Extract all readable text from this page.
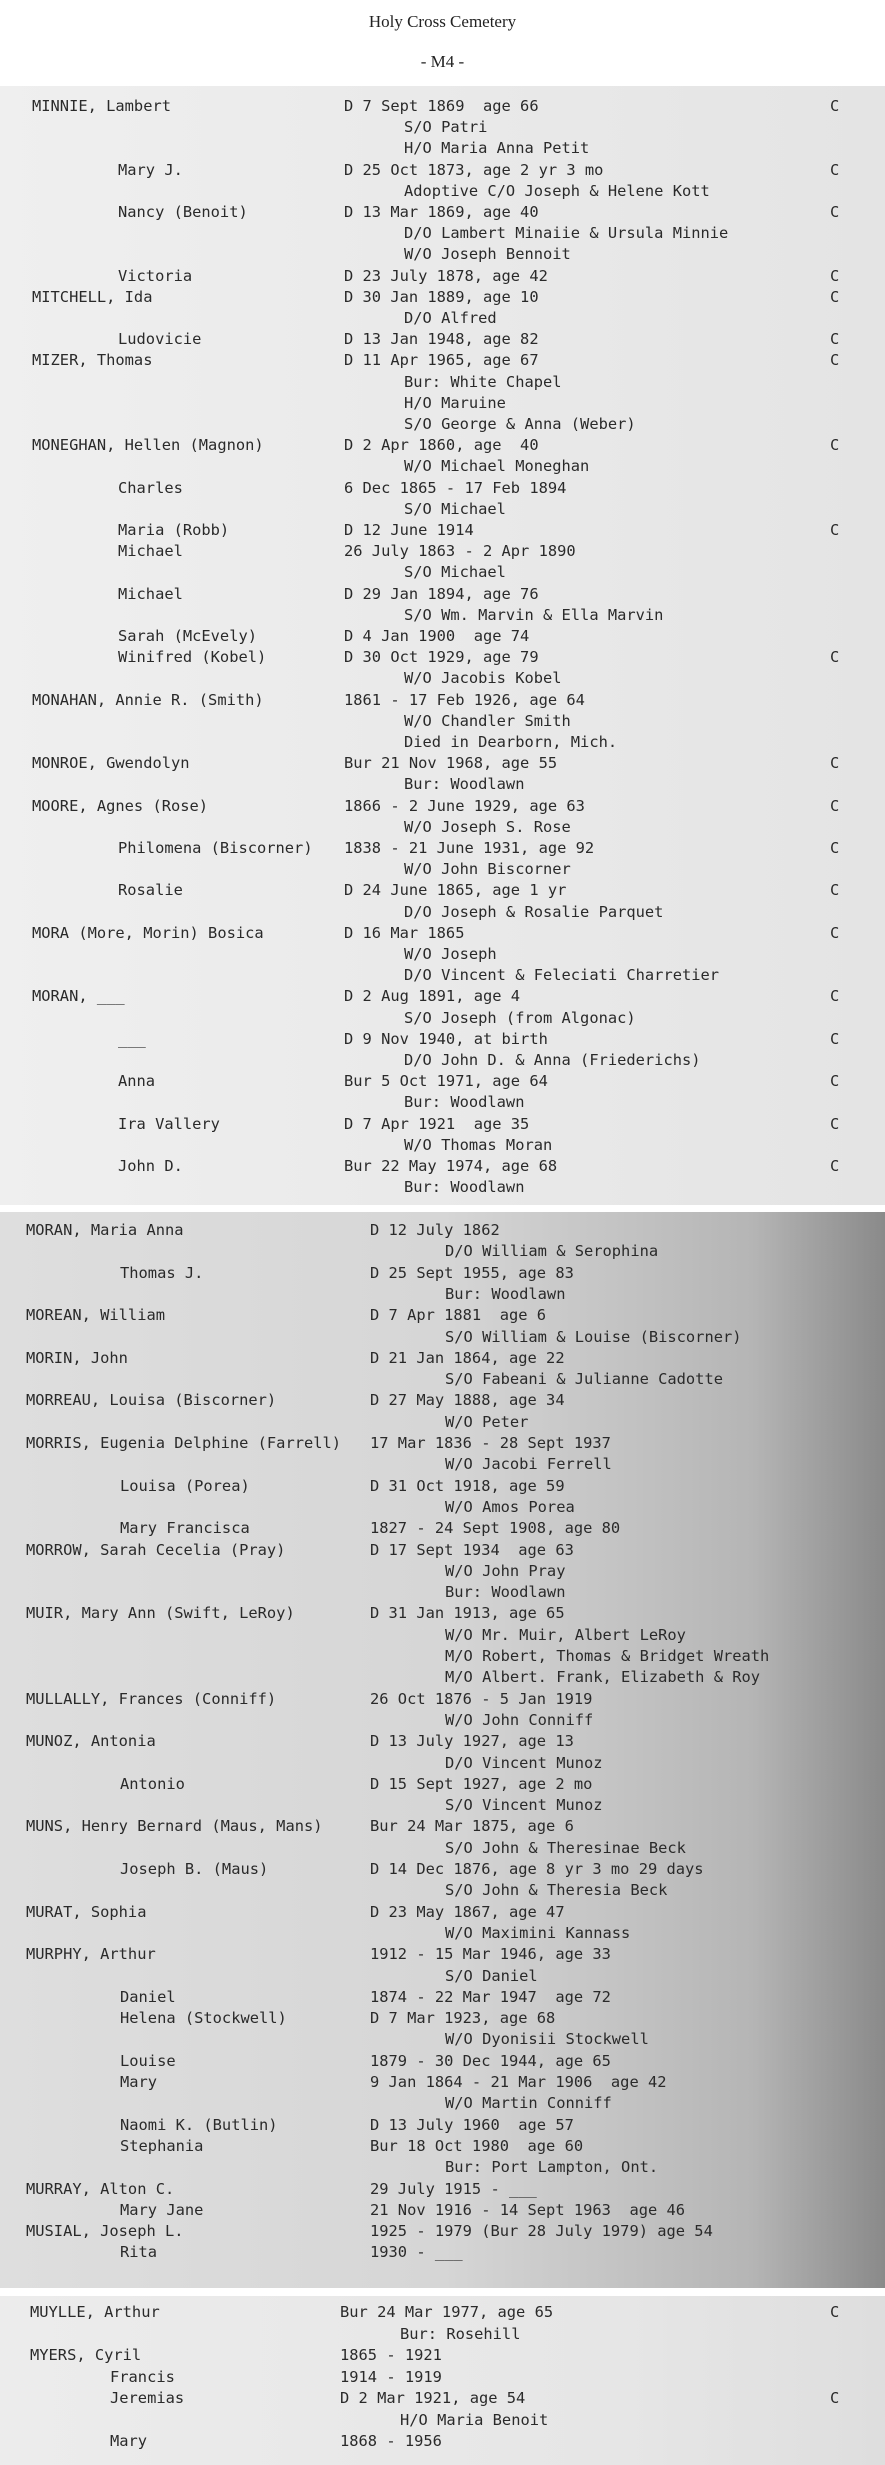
Holy Cross Cemetery
- M4 -
MINNIE, Lambert	D 7 Sept 1869  age 66	C
S/O Patri
H/O Maria Anna Petit
Mary J.	D 25 Oct 1873, age 2 yr 3 mo	C
Adoptive C/O Joseph & Helene Kott
Nancy (Benoit)	D 13 Mar 1869, age 40	C
D/O Lambert Minaiie & Ursula Minnie
W/O Joseph Bennoit
Victoria	D 23 July 1878, age 42	C
MITCHELL, Ida	D 30 Jan 1889, age 10	C
D/O Alfred
Ludovicie	D 13 Jan 1948, age 82	C
MIZER, Thomas	D 11 Apr 1965, age 67	C
Bur: White Chapel
H/O Maruine
S/O George & Anna (Weber)
MONEGHAN, Hellen (Magnon)	D 2 Apr 1860, age  40	C
W/O Michael Moneghan
Charles	6 Dec 1865 - 17 Feb 1894
S/O Michael
Maria (Robb)	D 12 June 1914	C
Michael	26 July 1863 - 2 Apr 1890
S/O Michael
Michael	D 29 Jan 1894, age 76
S/O Wm. Marvin & Ella Marvin
Sarah (McEvely)	D 4 Jan 1900  age 74
Winifred (Kobel)	D 30 Oct 1929, age 79	C
W/O Jacobis Kobel
MONAHAN, Annie R. (Smith)	1861 - 17 Feb 1926, age 64
W/O Chandler Smith
Died in Dearborn, Mich.
MONROE, Gwendolyn	Bur 21 Nov 1968, age 55	C
Bur: Woodlawn
MOORE, Agnes (Rose)	1866 - 2 June 1929, age 63	C
W/O Joseph S. Rose
Philomena (Biscorner) 1838 - 21 June 1931, age 92	C
W/O John Biscorner
Rosalie	D 24 June 1865, age 1 yr	C
D/O Joseph & Rosalie Parquet
MORA (More, Morin) Bosica	D 16 Mar 1865	C
W/O Joseph
D/O Vincent & Feleciati Charretier
MORAN, ___	D 2 Aug 1891, age 4	C
S/O Joseph (from Algonac)
___	D 9 Nov 1940, at birth	C
D/O John D. & Anna (Friederichs)
Anna	Bur 5 Oct 1971, age 64	C
Bur: Woodlawn
Ira Vallery	D 7 Apr 1921  age 35	C
W/O Thomas Moran
John D.	Bur 22 May 1974, age 68	C
Bur: Woodlawn
MORAN, Maria Anna	D 12 July 1862
D/O William & Serophina
Thomas J.	D 25 Sept 1955, age 83
Bur: Woodlawn
MOREAN, William	D 7 Apr 1881  age 6
S/O William & Louise (Biscorner)
MORIN, John	D 21 Jan 1864, age 22
S/O Fabeani & Julianne Cadotte
MORREAU, Louisa (Biscorner)	D 27 May 1888, age 34
W/O Peter
MORRIS, Eugenia Delphine (Farrell) 17 Mar 1836 - 28 Sept 1937
W/O Jacobi Ferrell
Louisa (Porea)	D 31 Oct 1918, age 59
W/O Amos Porea
Mary Francisca	1827 - 24 Sept 1908, age 80
MORROW, Sarah Cecelia (Pray)	D 17 Sept 1934  age 63
W/O John Pray
Bur: Woodlawn
MUIR, Mary Ann (Swift, LeRoy)	D 31 Jan 1913, age 65
W/O Mr. Muir, Albert LeRoy
M/O Robert, Thomas & Bridget Wreath
M/O Albert. Frank, Elizabeth & Roy
MULLALLY, Frances (Conniff)	26 Oct 1876 - 5 Jan 1919
W/O John Conniff
MUNOZ, Antonia	D 13 July 1927, age 13
D/O Vincent Munoz
Antonio	D 15 Sept 1927, age 2 mo
S/O Vincent Munoz
MUNS, Henry Bernard (Maus, Mans)	Bur 24 Mar 1875, age 6
S/O John & Theresinae Beck
Joseph B. (Maus)	D 14 Dec 1876, age 8 yr 3 mo 29 days
S/O John & Theresia Beck
MURAT, Sophia	D 23 May 1867, age 47
W/O Maximini Kannass
MURPHY, Arthur	1912 - 15 Mar 1946, age 33
S/O Daniel
Daniel	1874 - 22 Mar 1947  age 72
Helena (Stockwell)	D 7 Mar 1923, age 68
W/O Dyonisii Stockwell
Louise	1879 - 30 Dec 1944, age 65
Mary	9 Jan 1864 - 21 Mar 1906  age 42
W/O Martin Conniff
Naomi K. (Butlin)	D 13 July 1960  age 57
Stephania	Bur 18 Oct 1980  age 60
Bur: Port Lampton, Ont.
MURRAY, Alton C.	29 July 1915 - ___
Mary Jane	21 Nov 1916 - 14 Sept 1963  age 46
MUSIAL, Joseph L.	1925 - 1979 (Bur 28 July 1979) age 54
Rita	1930 - ___
MUYLLE, Arthur	Bur 24 Mar 1977, age 65	C
Bur: Rosehill
MYERS, Cyril	1865 - 1921
Francis	1914 - 1919
Jeremias	D 2 Mar 1921, age 54	C
H/O Maria Benoit
Mary	1868 - 1956
